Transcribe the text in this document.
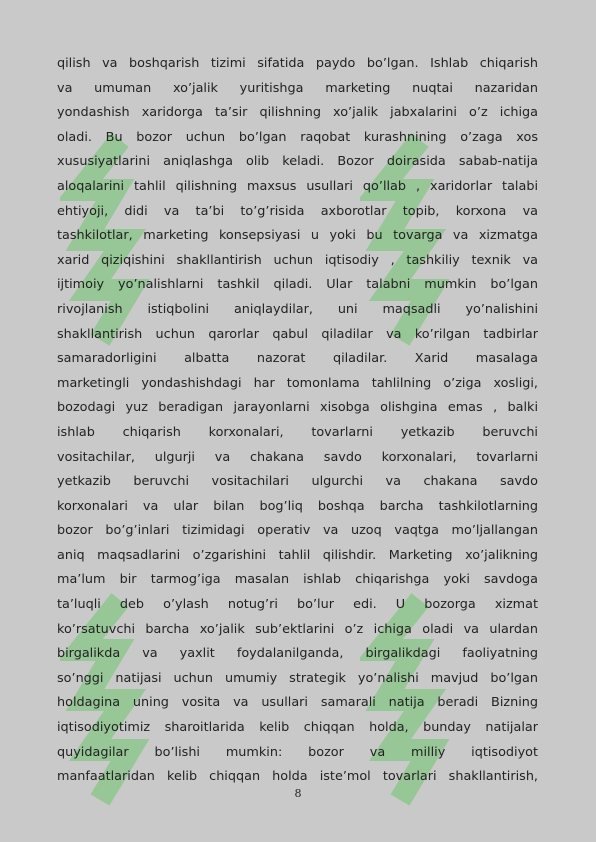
qilish va boshqarish tizimi sifatida paydo bo’lgan. Ishlab chiqarish
va umuman xo’jalik yuritishga marketing nuqtai nazaridan
yondashish xaridorga ta’sir qilishning xo’jalik jabxalarini o’z ichiga
oladi. Bu bozor uchun bo’lgan raqobat kurashnining o’zaga xos
xususiyatlarini aniqlashga olib keladi. Bozor doirasida sabab-natija
aloqalarini tahlil qilishning maxsus usullari qo’llab , xaridorlar talabi
ehtiyoji, didi va ta’bi to’g’risida axborotlar topib, korxona va
tashkilotlar, marketing konsepsiyasi u yoki bu tovarga va xizmatga
xarid qiziqishini shakllantirish uchun iqtisodiy , tashkiliy texnik va
ijtimoiy yo’nalishlarni tashkil qiladi. Ular talabni mumkin bo’lgan
rivojlanish istiqbolini aniqlaydilar, uni maqsadli yo’nalishini
shakllantirish uchun qarorlar qabul qiladilar va ko’rilgan tadbirlar
samaradorligini albatta nazorat qiladilar. Xarid masalaga
marketingli yondashishdagi har tomonlama tahlilning o’ziga xosligi,
bozodagi yuz beradigan jarayonlarni xisobga olishgina emas , balki
ishlab chiqarish korxonalari, tovarlarni yetkazib beruvchi
vositachilar, ulgurji va chakana savdo korxonalari, tovarlarni
yetkazib beruvchi vositachilari ulgurchi va chakana savdo
korxonalari va ular bilan bog’liq boshqa barcha tashkilotlarning
bozor bo’g’inlari tizimidagi operativ va uzoq vaqtga mo’ljallangan
aniq maqsadlarini o’zgarishini tahlil qilishdir. Marketing xo’jalikning
ma’lum bir tarmog’iga masalan ishlab chiqarishga yoki savdoga
ta’luqli deb o’ylash notug’ri bo’lur edi. U bozorga xizmat
ko’rsatuvchi barcha xo’jalik sub’ektlarini o’z ichiga oladi va ulardan
birgalikda va yaxlit foydalanilganda, birgalikdagi faoliyatning
so’nggi natijasi uchun umumiy strategik yo’nalishi mavjud bo’lgan
holdagina uning vosita va usullari samarali natija beradi Bizning
iqtisodiyotimiz sharoitlarida kelib chiqqan holda, bunday natijalar
quyidagilar bo’lishi mumkin: bozor va milliy iqtisodiyot
manfaatlaridan kelib chiqqan holda iste’mol tovarlari shakllantirish,
8
